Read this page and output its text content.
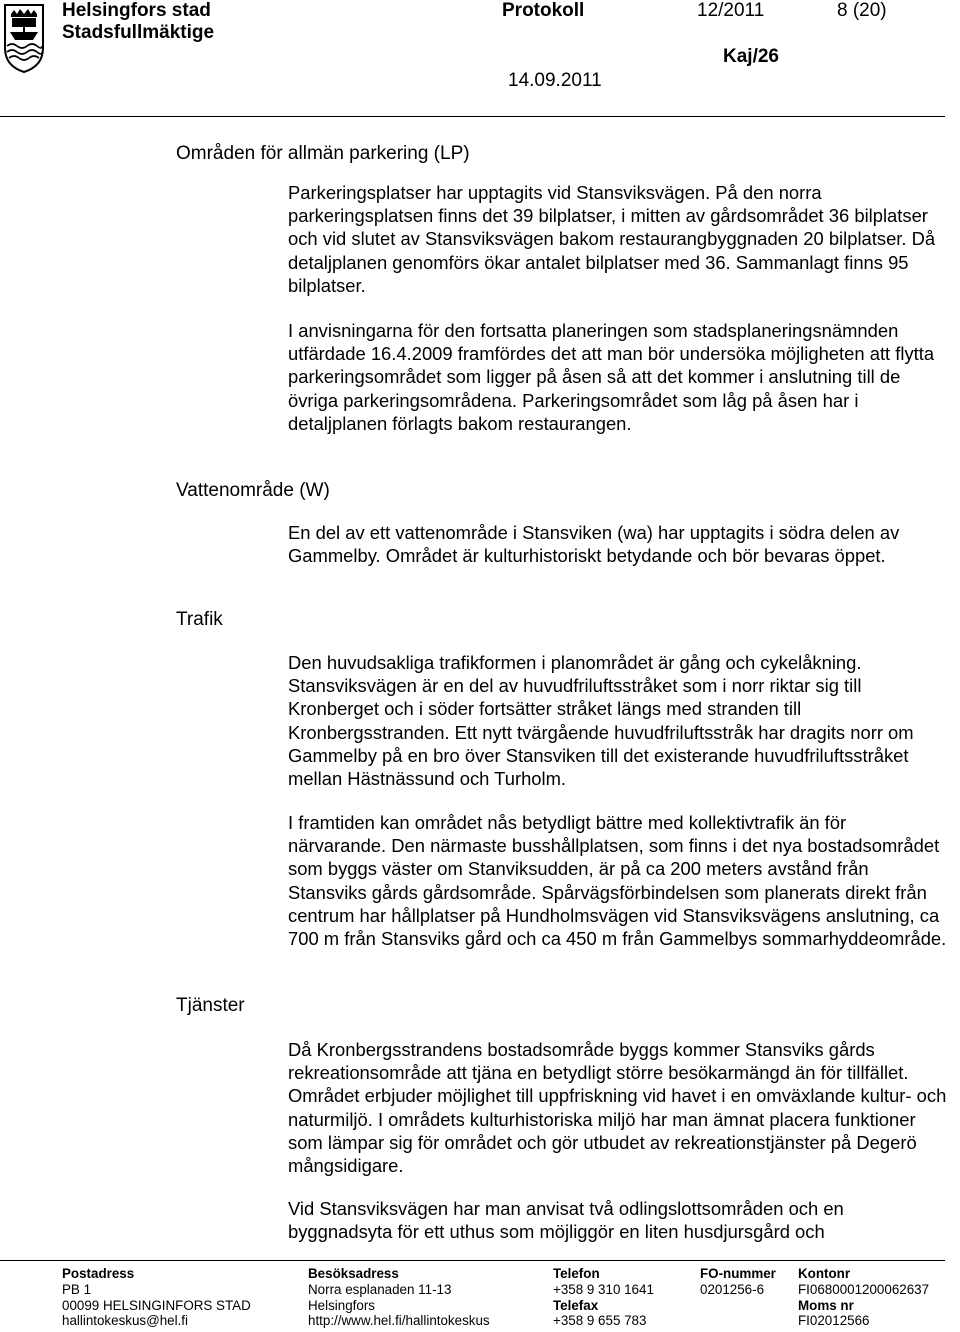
Helsingfors stad
Stadsfullmäktige
Protokoll	12/2011	8 (20)
Kaj/26
14.09.2011
Områden för allmän parkering (LP)
Vattenområde (W)
Trafik
Tjänster
Parkeringsplatser har upptagits vid Stansviksvägen. På den norra parkeringsplatsen finns det 39 bilplatser, i mitten av gårdsområdet 36 bilplatser och vid slutet av Stansviksvägen bakom restaurangbyggnaden 20 bilplatser. Då detaljplanen genomförs ökar antalet bilplatser med 36. Sammanlagt finns 95 bilplatser.
I anvisningarna för den fortsatta planeringen som stadsplaneringsnämnden utfärdade 16.4.2009 framfördes det att man bör undersöka möjligheten att flytta parkeringsområdet som ligger på åsen så att det kommer i anslutning till de övriga parkeringsområdena. Parkeringsområdet som låg på åsen har i detaljplanen förlagts bakom restaurangen.
En del av ett vattenområde i Stansviken (wa) har upptagits i södra delen av Gammelby. Området är kulturhistoriskt betydande och bör bevaras öppet.
Den huvudsakliga trafikformen i planområdet är gång och cykelåkning. Stansviksvägen är en del av huvudfriluftsstråket som i norr riktar sig till Kronberget och i söder fortsätter stråket längs med stranden till Kronbergsstranden. Ett nytt tvärgående huvudfriluftsstråk har dragits norr om Gammelby på en bro över Stansviken till det existerande huvudfriluftsstråket mellan Hästnässund och Turholm.
I framtiden kan området nås betydligt bättre med kollektivtrafik än för närvarande. Den närmaste busshållplatsen, som finns i det nya bostadsområdet som byggs väster om Stanviksudden, är på ca 200 meters avstånd från Stansviks gårds gårdsområde. Spårvägsförbindelsen som planerats direkt från centrum har hållplatser på Hundholmsvägen vid Stansviksvägens anslutning, ca 700 m från Stansviks gård och ca 450 m från Gammelbys sommarhyddeområde.
Då Kronbergsstrandens bostadsområde byggs kommer Stansviks gårds rekreationsområde att tjäna en betydligt större besökarmängd än för tillfället. Området erbjuder möjlighet till uppfriskning vid havet i en omväxlande kultur- och naturmiljö. I områdets kulturhistoriska miljö har man ämnat placera funktioner som lämpar sig för området och gör utbudet av rekreationstjänster på Degerö mångsidigare.
Vid Stansviksvägen har man anvisat två odlingslottsområden och en byggnadsyta för ett uthus som möjliggör en liten husdjursgård och
Postadress
PB 1
00099 HELSINGINFORS STAD
hallintokeskus@hel.fi
Besöksadress
Norra esplanaden 11-13
Helsingfors
http://www.hel.fi/hallintokeskus
Telefon
+358 9 310 1641
Telefax
+358 9 655 783
FO-nummer
0201256-6
Kontonr
FI0680001200062637
Moms nr
FI02012566
